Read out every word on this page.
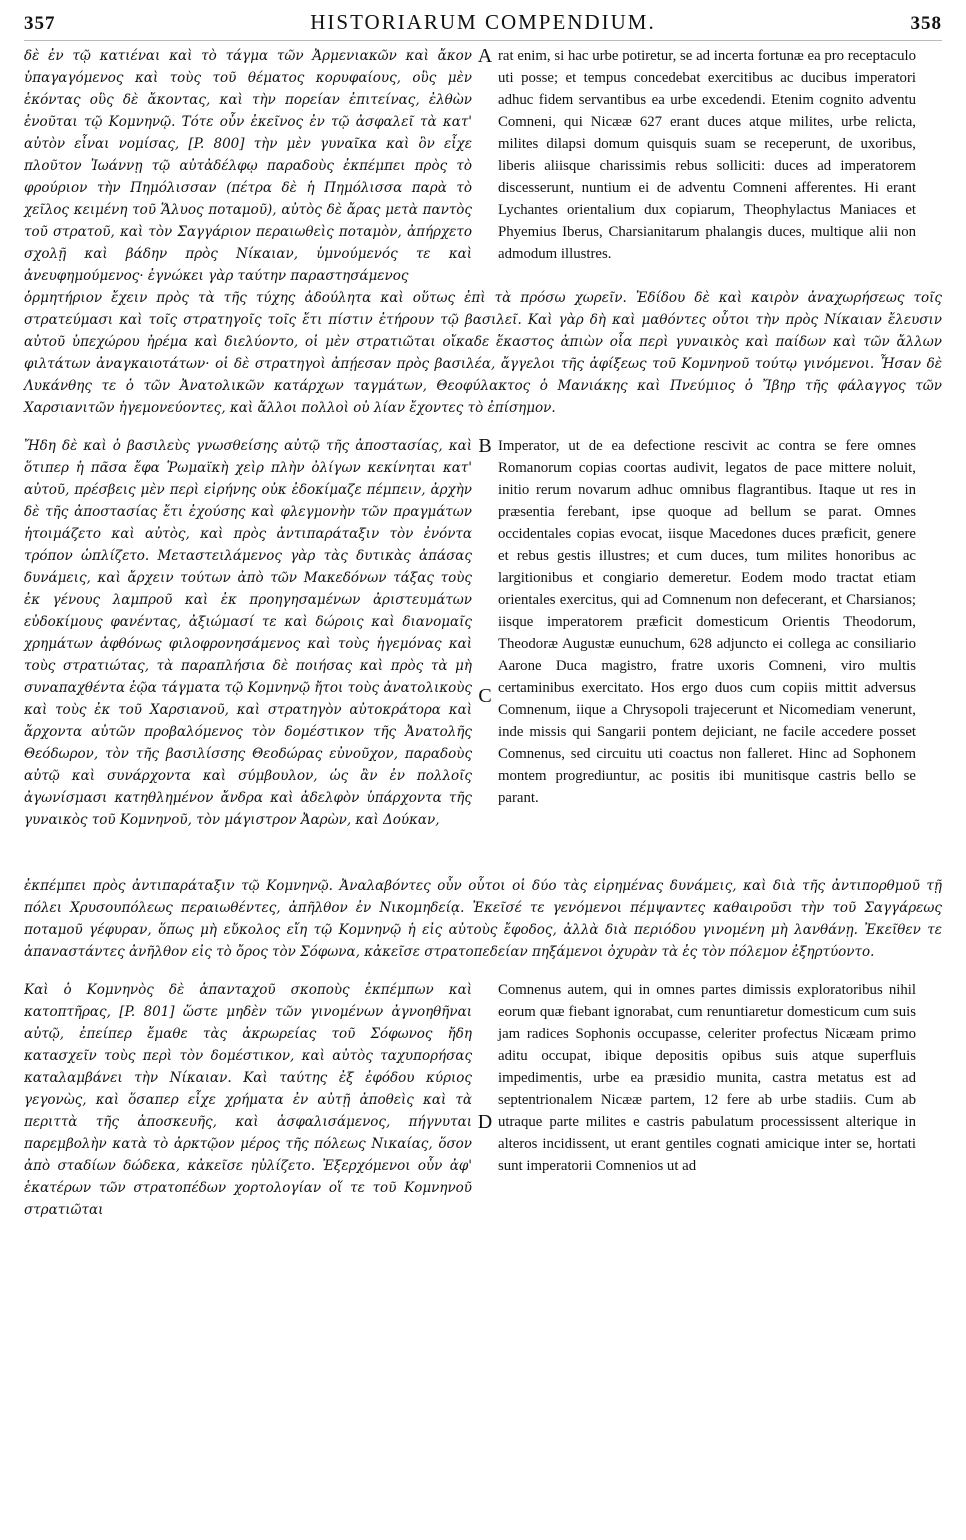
357	HISTORIARUM COMPENDIUM.	358

δὲ ἐν τῷ κατιέναι καὶ τὸ τάγμα τῶν Ἀρμενιακῶν καὶ ἄκον ὑπαγαγόμενος καὶ τοὺς τοῦ θέματος κορυφαίους, οὓς μὲν ἑκόντας οὓς δὲ ἄκοντας, καὶ τὴν πορείαν ἐπιτείνας, ἐλθὼν ἑνοῦται τῷ Κομνηνῷ. Τότε οὖν ἐκεῖνος ἐν τῷ ἀσφαλεῖ τὰ κατ' αὐτὸν εἶναι νομίσας, [P. 800] τὴν μὲν γυναῖκα καὶ ὃν εἶχε πλοῦτον Ἰωάννῃ τῷ αὐτἀδέλφῳ παραδοὺς ἐκπέμπει πρὸς τὸ φρούριον τὴν Πημόλισσαν (πέτρα δὲ ἡ Πημόλισσα παρὰ τὸ χεῖλος κειμένη τοῦ Ἅλυος ποταμοῦ), αὐτὸς δὲ ἄρας μετὰ παντὸς τοῦ στρατοῦ, καὶ τὸν Σαγγάριον περαιωθεὶς ποταμὸν, ἀπήρχετο σχολῇ καὶ βάδην πρὸς Νίκαιαν, ὑμνούμενός τε καὶ ἀνευφημούμενος· ἐγνώκει γὰρ ταύτην παραστησάμενος

A rat enim, si hac urbe potiretur, se ad incerta fortunæ ea pro receptaculo uti posse; et tempus concedebat exercitibus ac ducibus imperatori adhuc fidem servantibus ea urbe excedendi. Etenim cognito adventu Comneni, qui Nicææ 627 erant duces atque milites, urbe relicta, milites dilapsi domum quisquis suam se receperunt, de uxoribus, liberis aliisque charissimis rebus solliciti: duces ad imperatorem discesserunt, nuntium ei de adventu Comneni afferentes. Hi erant Lychantes orientalium dux copiarum, Theophylactus Maniaces et Phyemius Iberus, Charsianitarum phalangis duces, multique alii non admodum illustres.

ὁρμητήριον ἔχειν πρὸς τὰ τῆς τύχης ἀδούλητα καὶ οὕτως ἐπὶ τὰ πρόσω χωρεῖν. Ἐδίδου δὲ καὶ καιρὸν ἀναχωρήσεως τοῖς στρατεύμασι καὶ τοῖς στρατηγοῖς τοῖς ἔτι πίστιν ἐτήρουν τῷ βασιλεῖ. Καὶ γὰρ δὴ καὶ μαθόντες οὗτοι τὴν πρὸς Νίκαιαν ἔλευσιν αὐτοῦ ὑπεχώρου ἠρέμα καὶ διελύοντο, οἱ μὲν στρατιῶται οἴκαδε ἕκαστος ἀπιὼν οἷα περὶ γυναικὸς καὶ παίδων καὶ τῶν ἄλλων φιλτάτων ἀναγκαιοτάτων· οἱ δὲ στρατηγοὶ ἀπῄεσαν πρὸς βασιλέα, ἄγγελοι τῆς ἀφίξεως τοῦ Κομνηνοῦ τούτῳ γινόμενοι. Ἦσαν δὲ Λυκάνθης τε ὁ τῶν Ἀνατολικῶν κατάρχων ταγμάτων, Θεοφύλακτος ὁ Μανιάκης καὶ Πνεύμιος ὁ Ἴβηρ τῆς φάλαγγος τῶν Χαρσιανιτῶν ἡγεμονεύοντες, καὶ ἄλλοι πολλοὶ οὐ λίαν ἔχοντες τὸ ἐπίσημον.

Ἤδη δὲ καὶ ὁ βασιλεὺς γνωσθείσης αὐτῷ τῆς ἀποστασίας, καὶ ὅτιπερ ἡ πᾶσα ἔφα Ῥωμαϊκὴ χεὶρ πλὴν ὀλίγων κεκίνηται κατ' αὐτοῦ, πρέσβεις μὲν περὶ εἰρήνης οὐκ ἐδοκίμαζε πέμπειν, ἀρχὴν δὲ τῆς ἀποστασίας ἔτι ἐχούσης καὶ φλεγμονὴν τῶν πραγμάτων ἡτοιμάζετο καὶ αὐτὸς, καὶ πρὸς ἀντιπαράταξιν τὸν ἐνόντα τρόπον ὡπλίζετο. Μεταστειλάμενος γὰρ τὰς δυτικὰς ἁπάσας δυνάμεις, καὶ ἄρχειν τούτων ἀπὸ τῶν Μακεδόνων τάξας τοὺς ἐκ γένους λαμπροῦ καὶ ἐκ προηγησαμένων ἀριστευμάτων εὐδοκίμους φανέντας, ἀξιώμασί τε καὶ δώροις καὶ διανομαῖς χρημάτων ἀφθόνως φιλοφρονησάμενος καὶ τοὺς ἡγεμόνας καὶ τοὺς στρατιώτας, τὰ παραπλήσια δὲ ποιήσας καὶ πρὸς τὰ μὴ συναπαχθέντα ἑῷα τάγματα τῷ Κομνηνῷ ἤτοι τοὺς ἀνατολικοὺς καὶ τοὺς ἐκ τοῦ Χαρσιανοῦ, καὶ στρατηγὸν αὐτοκράτορα καὶ ἄρχοντα αὐτῶν προβαλόμενος τὸν δομέστικον τῆς Ἀνατολῆς Θεόδωρον, τὸν τῆς βασιλίσσης Θεοδώρας εὐνοῦχον, παραδοὺς αὐτῷ καὶ συνάρχοντα καὶ σύμβουλον, ὡς ἂν ἐν πολλοῖς ἀγωνίσμασι κατηθλημένον ἄνδρα καὶ ἀδελφὸν ὑπάρχοντα τῆς γυναικὸς τοῦ Κομνηνοῦ, τὸν μάγιστρον Ἀαρὼν, καὶ Δούκαν,

B
C

Imperator, ut de ea defectione rescivit ac contra se fere omnes Romanorum copias coortas audivit, legatos de pace mittere noluit, initio rerum novarum adhuc omnibus flagrantibus. Itaque ut res in præsentia ferebant, ipse quoque ad bellum se parat. Omnes occidentales copias evocat, iisque Macedones duces præficit, genere et rebus gestis illustres; et cum duces, tum milites honoribus ac largitionibus et congiario demeretur. Eodem modo tractat etiam orientales exercitus, qui ad Comnenum non defecerant, et Charsianos; iisque imperatorem præficit domesticum Orientis Theodorum, Theodoræ Augustæ eunuchum, 628 adjuncto ei collega ac consiliario Aarone Duca magistro, fratre uxoris Comneni, viro multis certaminibus exercitato. Hos ergo duos cum copiis mittit adversus Comnenum, iique a Chrysopoli trajecerunt et Nicomediam venerunt, inde missis qui Sangarii pontem dejiciant, ne facile accedere posset Comnenus, sed circuitu uti coactus non falleret. Hinc ad Sophonem montem progrediuntur, ac positis ibi munitisque castris bello se parant.

ἐκπέμπει πρὸς ἀντιπαράταξιν τῷ Κομνηνῷ. Ἀναλαβόντες οὖν οὗτοι οἱ δύο τὰς εἰρημένας δυνάμεις, καὶ διὰ τῆς ἀντιπορθμοῦ τῇ πόλει Χρυσουπόλεως περαιωθέντες, ἀπῆλθον ἐν Νικομηδείᾳ. Ἐκεῖσέ τε γενόμενοι πέμψαντες καθαιροῦσι τὴν τοῦ Σαγγάρεως ποταμοῦ γέφυραν, ὅπως μὴ εὔκολος εἴη τῷ Κομνηνῷ ἡ εἰς αὐτοὺς ἔφοδος, ἀλλὰ διὰ περιόδου γινομένη μὴ λανθάνῃ. Ἐκεῖθεν τε ἀπαναστάντες ἀνῆλθον εἰς τὸ ὄρος τὸν Σόφωνα, κἀκεῖσε στρατοπεδείαν πηξάμενοι ὀχυρὰν τὰ ἐς τὸν πόλεμον ἐξηρτύοντο.

Καὶ ὁ Κομνηνὸς δὲ ἁπανταχοῦ σκοποὺς ἐκπέμπων καὶ κατοπτῆρας, [P. 801] ὥστε μηδὲν τῶν γινομένων ἀγνοηθῆναι αὐτῷ, ἐπείπερ ἔμαθε τὰς ἀκρωρείας τοῦ Σόφωνος ἤδη κατασχεῖν τοὺς περὶ τὸν δομέστικον, καὶ αὐτὸς ταχυπορήσας καταλαμβάνει τὴν Νίκαιαν. Καὶ ταύτης ἐξ ἐφόδου κύριος γεγονὼς, καὶ ὅσαπερ εἶχε χρήματα ἐν αὐτῇ ἀποθεὶς καὶ τὰ περιττὰ τῆς ἀποσκευῆς, καὶ ἀσφαλισάμενος, πήγνυται παρεμβολὴν κατὰ τὸ ἀρκτῷον μέρος τῆς πόλεως Νικαίας, ὅσον ἀπὸ σταδίων δώδεκα, κἀκεῖσε ηὐλίζετο. Ἐξερχόμενοι οὖν ἀφ' ἑκατέρων τῶν στρατοπέδων χορτολογίαν οἵ τε τοῦ Κομνηνοῦ στρατιῶται

D

Comnenus autem, qui in omnes partes dimissis exploratoribus nihil eorum quæ fiebant ignorabat, cum renuntiaretur domesticum cum suis jam radices Sophonis occupasse, celeriter profectus Nicæam primo aditu occupat, ibique depositis opibus suis atque superfluis impedimentis, urbe ea præsidio munita, castra metatus est ad septentrionalem Nicææ partem, 12 fere ab urbe stadiis. Cum ab utraque parte milites e castris pabulatum processissent alterique in alteros incidissent, ut erant gentiles cognati amicique inter se, hortati sunt imperatorii Comnenios ut ad
